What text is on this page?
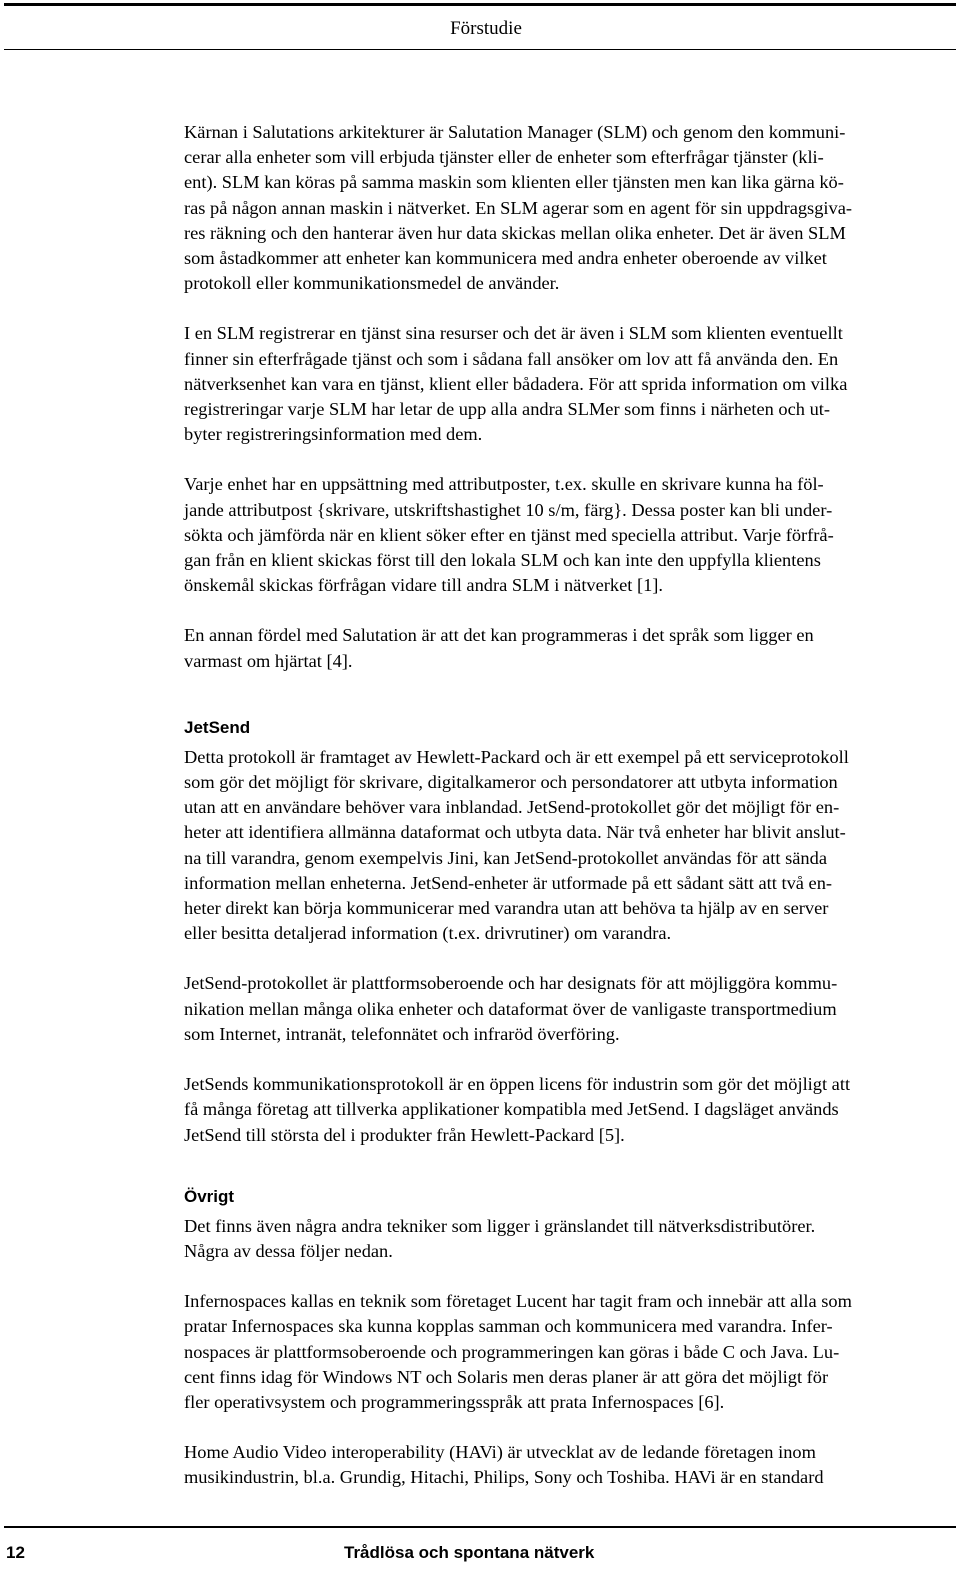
Förstudie

Kärnan i Salutations arkitekturer är Salutation Manager (SLM) och genom den kommuni-
cerar alla enheter som vill erbjuda tjänster eller de enheter som efterfrågar tjänster (kli-
ent). SLM kan köras på samma maskin som klienten eller tjänsten men kan lika gärna kö-
ras på någon annan maskin i nätverket. En SLM agerar som en agent för sin uppdragsgiva-
res räkning och den hanterar även hur data skickas mellan olika enheter. Det är även SLM
som åstadkommer att enheter kan kommunicera med andra enheter oberoende av vilket
protokoll eller kommunikationsmedel de använder.

I en SLM registrerar en tjänst sina resurser och det är även i SLM som klienten eventuellt
finner sin efterfrågade tjänst och som i sådana fall ansöker om lov att få använda den. En
nätverksenhet kan vara en tjänst, klient eller bådadera. För att sprida information om vilka
registreringar varje SLM har letar de upp alla andra SLMer som finns i närheten och ut-
byter registreringsinformation med dem.

Varje enhet har en uppsättning med attributposter, t.ex. skulle en skrivare kunna ha föl-
jande attributpost {skrivare, utskriftshastighet 10 s/m, färg}. Dessa poster kan bli under-
sökta och jämförda när en klient söker efter en tjänst med speciella attribut. Varje förfrå-
gan från en klient skickas först till den lokala SLM och kan inte den uppfylla klientens
önskemål skickas förfrågan vidare till andra SLM i nätverket [1].

En annan fördel med Salutation är att det kan programmeras i det språk som ligger en
varmast om hjärtat [4].

JetSend

Detta protokoll är framtaget av Hewlett-Packard och är ett exempel på ett serviceprotokoll
som gör det möjligt för skrivare, digitalkameror och persondatorer att utbyta information
utan att en användare behöver vara inblandad. JetSend-protokollet gör det möjligt för en-
heter att identifiera allmänna dataformat och utbyta data. När två enheter har blivit anslut-
na till varandra, genom exempelvis Jini, kan JetSend-protokollet användas för att sända
information mellan enheterna. JetSend-enheter är utformade på ett sådant sätt att två en-
heter direkt kan börja kommunicerar med varandra utan att behöva ta hjälp av en server
eller besitta detaljerad information (t.ex. drivrutiner) om varandra.

JetSend-protokollet är plattformsoberoende och har designats för att möjliggöra kommu-
nikation mellan många olika enheter och dataformat över de vanligaste transportmedium
som Internet, intranät, telefonnätet och infraröd överföring.

JetSends kommunikationsprotokoll är en öppen licens för industrin som gör det möjligt att
få många företag att tillverka applikationer kompatibla med JetSend. I dagsläget används
JetSend till största del i produkter från Hewlett-Packard [5].

Övrigt

Det finns även några andra tekniker som ligger i gränslandet till nätverksdistributörer.
Några av dessa följer nedan.

Infernospaces kallas en teknik som företaget Lucent har tagit fram och innebär att alla som
pratar Infernospaces ska kunna kopplas samman och kommunicera med varandra. Infer-
nospaces är plattformsoberoende och programmeringen kan göras i både C och Java. Lu-
cent finns idag för Windows NT och Solaris men deras planer är att göra det möjligt för
fler operativsystem och programmeringsspråk att prata Infernospaces [6].

Home Audio Video interoperability (HAVi) är utvecklat av de ledande företagen inom
musikindustrin, bl.a. Grundig, Hitachi, Philips, Sony och Toshiba. HAVi är en standard

12	Trådlösa och spontana nätverk
